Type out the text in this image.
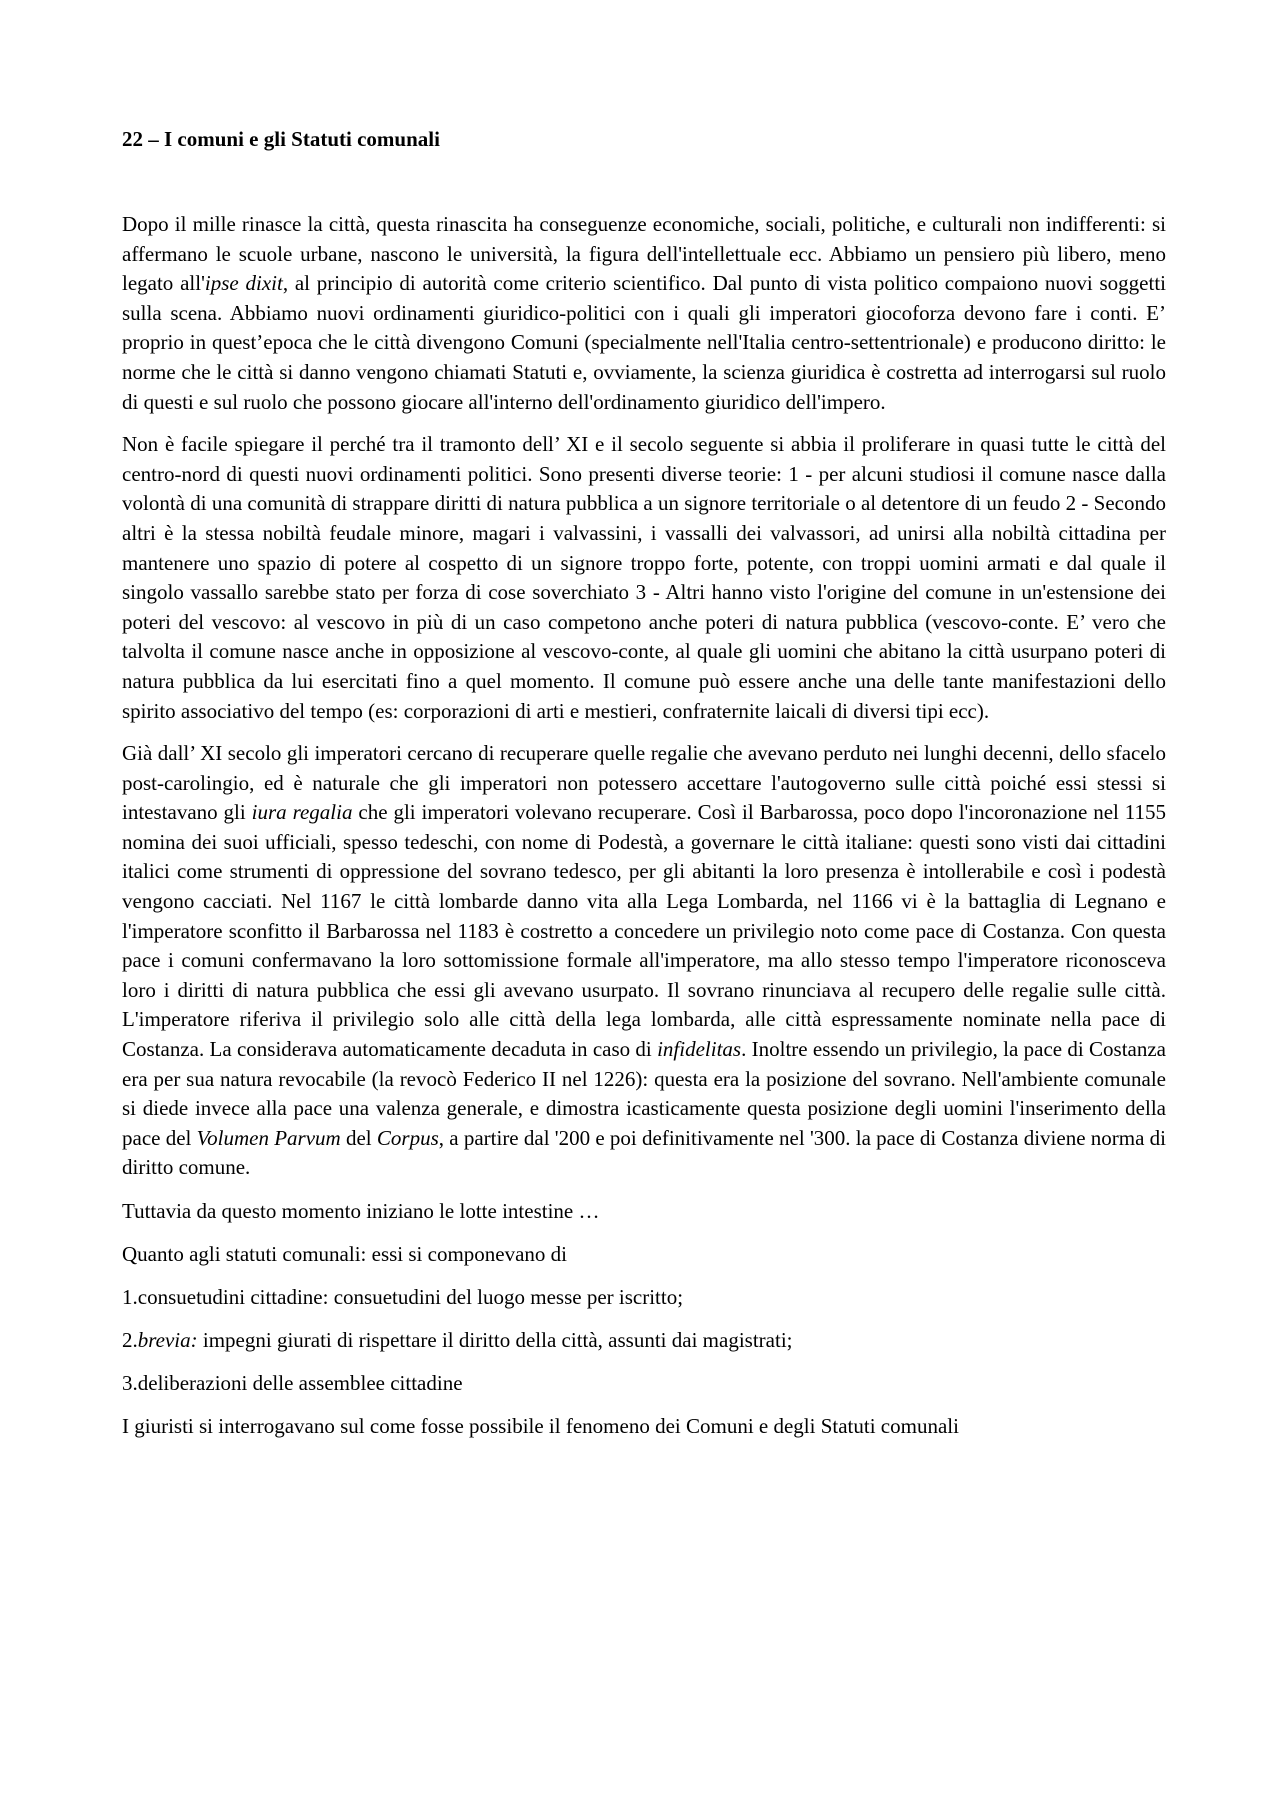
22 – I comuni e gli Statuti comunali

Dopo il mille rinasce la città, questa rinascita ha conseguenze economiche, sociali, politiche, e culturali non indifferenti: si affermano le scuole urbane, nascono le università, la figura dell'intellettuale ecc. Abbiamo un pensiero più libero, meno legato all'ipse dixit, al principio di autorità come criterio scientifico. Dal punto di vista politico compaiono nuovi soggetti sulla scena. Abbiamo nuovi ordinamenti giuridico-politici con i quali gli imperatori giocoforza devono fare i conti. E’ proprio in quest’epoca che le città divengono Comuni (specialmente nell'Italia centro-settentrionale) e producono diritto: le norme che le città si danno vengono chiamati Statuti e, ovviamente, la scienza giuridica è costretta ad interrogarsi sul ruolo di questi e sul ruolo che possono giocare all'interno dell'ordinamento giuridico dell'impero.

Non è facile spiegare il perché tra il tramonto dell’ XI e il secolo seguente si abbia il proliferare in quasi tutte le città del centro-nord di questi nuovi ordinamenti politici. Sono presenti diverse teorie: 1 - per alcuni studiosi il comune nasce dalla volontà di una comunità di strappare diritti di natura pubblica a un signore territoriale o al detentore di un feudo 2 - Secondo altri è la stessa nobiltà feudale minore, magari i valvassini, i vassalli dei valvassori, ad unirsi alla nobiltà cittadina per mantenere uno spazio di potere al cospetto di un signore troppo forte, potente, con troppi uomini armati e dal quale il singolo vassallo sarebbe stato per forza di cose soverchiato 3 - Altri hanno visto l'origine del comune in un'estensione dei poteri del vescovo: al vescovo in più di un caso competono anche poteri di natura pubblica (vescovo-conte. E’ vero che talvolta il comune nasce anche in opposizione al vescovo-conte, al quale gli uomini che abitano la città usurpano poteri di natura pubblica da lui esercitati fino a quel momento. Il comune può essere anche una delle tante manifestazioni dello spirito associativo del tempo (es: corporazioni di arti e mestieri, confraternite laicali di diversi tipi ecc).

Già dall’ XI secolo gli imperatori cercano di recuperare quelle regalie che avevano perduto nei lunghi decenni, dello sfacelo post-carolingio, ed è naturale che gli imperatori non potessero accettare l'autogoverno sulle città poiché essi stessi si intestavano gli iura regalia che gli imperatori volevano recuperare. Così il Barbarossa, poco dopo l'incoronazione nel 1155 nomina dei suoi ufficiali, spesso tedeschi, con nome di Podestà, a governare le città italiane: questi sono visti dai cittadini italici come strumenti di oppressione del sovrano tedesco, per gli abitanti la loro presenza è intollerabile e così i podestà vengono cacciati. Nel 1167 le città lombarde danno vita alla Lega Lombarda, nel 1166 vi è la battaglia di Legnano e l'imperatore sconfitto il Barbarossa nel 1183 è costretto a concedere un privilegio noto come pace di Costanza. Con questa pace i comuni confermavano la loro sottomissione formale all'imperatore, ma allo stesso tempo l'imperatore riconosceva loro i diritti di natura pubblica che essi gli avevano usurpato. Il sovrano rinunciava al recupero delle regalie sulle città. L'imperatore riferiva il privilegio solo alle città della lega lombarda, alle città espressamente nominate nella pace di Costanza. La considerava automaticamente decaduta in caso di infidelitas. Inoltre essendo un privilegio, la pace di Costanza era per sua natura revocabile (la revocò Federico II nel 1226): questa era la posizione del sovrano. Nell'ambiente comunale si diede invece alla pace una valenza generale, e dimostra icasticamente questa posizione degli uomini l'inserimento della pace del Volumen Parvum del Corpus, a partire dal '200 e poi definitivamente nel '300. la pace di Costanza diviene norma di diritto comune.

Tuttavia da questo momento iniziano le lotte intestine …

Quanto agli statuti comunali: essi si componevano di

1.consuetudini cittadine: consuetudini del luogo messe per iscritto;

2.brevia: impegni giurati di rispettare il diritto della città, assunti dai magistrati;

3.deliberazioni delle assemblee cittadine

I giuristi si interrogavano sul come fosse possibile il fenomeno dei Comuni e degli Statuti comunali
